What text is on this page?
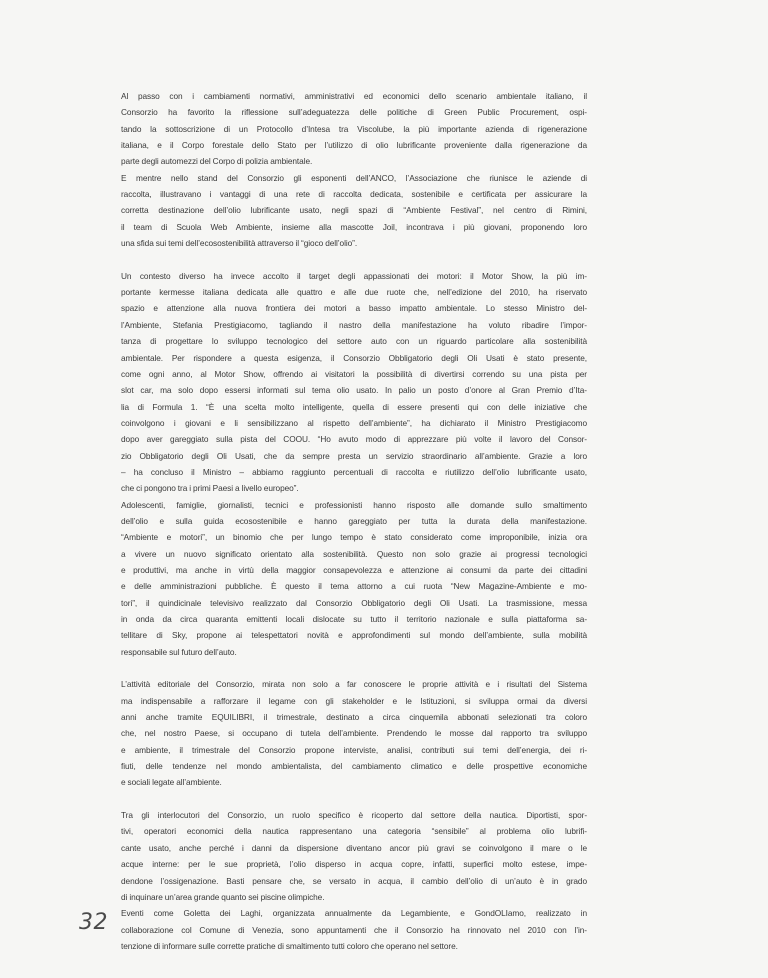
Al passo con i cambiamenti normativi, amministrativi ed economici dello scenario ambientale italiano, il
Consorzio ha favorito la riflessione sull’adeguatezza delle politiche di Green Public Procurement, ospi-
tando la sottoscrizione di un Protocollo d’Intesa tra Viscolube, la più importante azienda di rigenerazione
italiana, e il Corpo forestale dello Stato per l’utilizzo di olio lubrificante proveniente dalla rigenerazione da
parte degli automezzi del Corpo di polizia ambientale.
E mentre nello stand del Consorzio gli esponenti dell’ANCO, l’Associazione che riunisce le aziende di
raccolta, illustravano i vantaggi di una rete di raccolta dedicata, sostenibile e certificata per assicurare la
corretta destinazione dell’olio lubrificante usato, negli spazi di “Ambiente Festival”, nel centro di Rimini,
il team di Scuola Web Ambiente, insieme alla mascotte Joil, incontrava i più giovani, proponendo loro
una sfida sui temi dell’ecosostenibilità attraverso il “gioco dell’olio”.
Un contesto diverso ha invece accolto il target degli appassionati dei motori: il Motor Show, la più im-
portante kermesse italiana dedicata alle quattro e alle due ruote che, nell’edizione del 2010, ha riservato
spazio e attenzione alla nuova frontiera dei motori a basso impatto ambientale. Lo stesso Ministro del-
l’Ambiente, Stefania Prestigiacomo, tagliando il nastro della manifestazione ha voluto ribadire l’impor-
tanza di progettare lo sviluppo tecnologico del settore auto con un riguardo particolare alla sostenibilità
ambientale. Per rispondere a questa esigenza, il Consorzio Obbligatorio degli Oli Usati è stato presente,
come ogni anno, al Motor Show, offrendo ai visitatori la possibilità di divertirsi correndo su una pista per
slot car, ma solo dopo essersi informati sul tema olio usato. In palio un posto d’onore al Gran Premio d’Ita-
lia di Formula 1. “È una scelta molto intelligente, quella di essere presenti qui con delle iniziative che
coinvolgono i giovani e li sensibilizzano al rispetto dell’ambiente”, ha dichiarato il Ministro Prestigiacomo
dopo aver gareggiato sulla pista del COOU. “Ho avuto modo di apprezzare più volte il lavoro del Consor-
zio Obbligatorio degli Oli Usati, che da sempre presta un servizio straordinario all’ambiente. Grazie a loro
– ha concluso il Ministro – abbiamo raggiunto percentuali di raccolta e riutilizzo dell’olio lubrificante usato,
che ci pongono tra i primi Paesi a livello europeo”.
Adolescenti, famiglie, giornalisti, tecnici e professionisti hanno risposto alle domande sullo smaltimento
dell’olio e sulla guida ecosostenibile e hanno gareggiato per tutta la durata della manifestazione.
“Ambiente e motori”, un binomio che per lungo tempo è stato considerato come improponibile, inizia ora
a vivere un nuovo significato orientato alla sostenibilità. Questo non solo grazie ai progressi tecnologici
e produttivi, ma anche in virtù della maggior consapevolezza e attenzione ai consumi da parte dei cittadini
e delle amministrazioni pubbliche. È questo il tema attorno a cui ruota “New Magazine-Ambiente e mo-
tori”, il quindicinale televisivo realizzato dal Consorzio Obbligatorio degli Oli Usati. La trasmissione, messa
in onda da circa quaranta emittenti locali dislocate su tutto il territorio nazionale e sulla piattaforma sa-
tellitare di Sky, propone ai telespettatori novità e approfondimenti sul mondo dell’ambiente, sulla mobilità
responsabile sul futuro dell’auto.
L’attività editoriale del Consorzio, mirata non solo a far conoscere le proprie attività e i risultati del Sistema
ma indispensabile a rafforzare il legame con gli stakeholder e le Istituzioni, si sviluppa ormai da diversi
anni anche tramite EQUILIBRI, il trimestrale, destinato a circa cinquemila abbonati selezionati tra coloro
che, nel nostro Paese, si occupano di tutela dell’ambiente. Prendendo le mosse dal rapporto tra sviluppo
e ambiente, il trimestrale del Consorzio propone interviste, analisi, contributi sui temi dell’energia, dei ri-
fiuti, delle tendenze nel mondo ambientalista, del cambiamento climatico e delle prospettive economiche
e sociali legate all’ambiente.
Tra gli interlocutori del Consorzio, un ruolo specifico è ricoperto dal settore della nautica. Diportisti, spor-
tivi, operatori economici della nautica rappresentano una categoria “sensibile” al problema olio lubrifi-
cante usato, anche perché i danni da dispersione diventano ancor più gravi se coinvolgono il mare o le
acque interne: per le sue proprietà, l’olio disperso in acqua copre, infatti, superfici molto estese, impe-
dendone l’ossigenazione. Basti pensare che, se versato in acqua, il cambio dell’olio di un’auto è in grado
di inquinare un’area grande quanto sei piscine olimpiche.
Eventi come Goletta dei Laghi, organizzata annualmente da Legambiente, e GondOLIamo, realizzato in
collaborazione col Comune di Venezia, sono appuntamenti che il Consorzio ha rinnovato nel 2010 con l’in-
tenzione di informare sulle corrette pratiche di smaltimento tutti coloro che operano nel settore.
32
